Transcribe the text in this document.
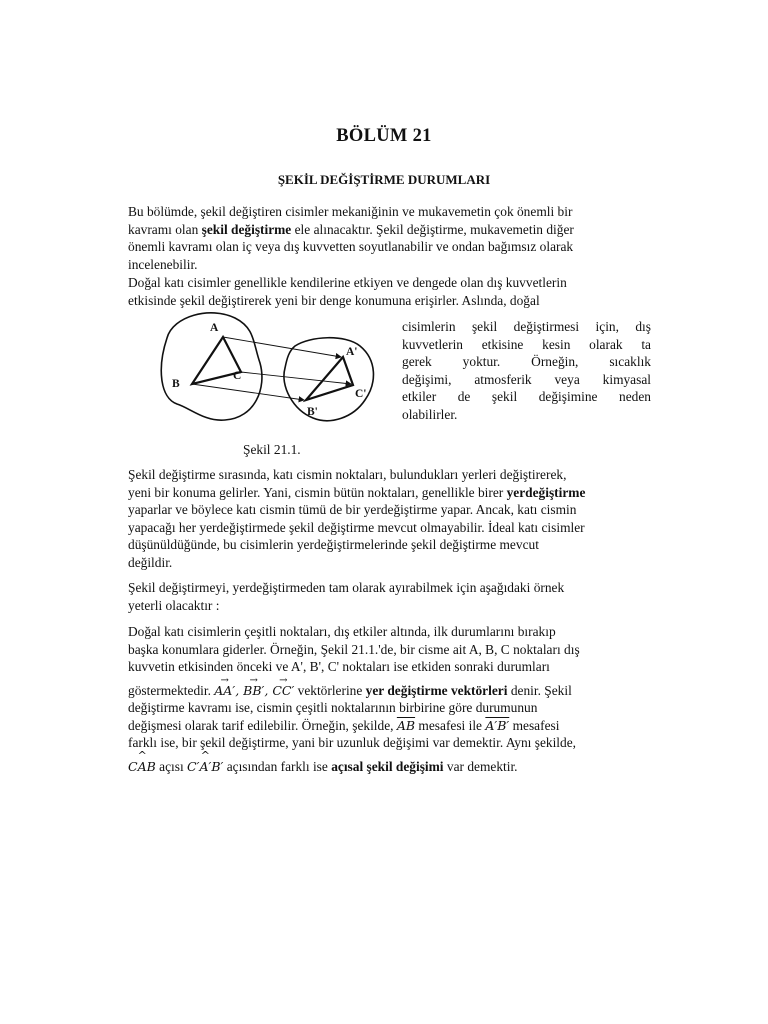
BÖLÜM 21
ŞEKİL DEĞİŞTİRME DURUMLARI

Bu bölümde, şekil değiştiren cisimler mekaniğinin ve mukavemetin çok önemli bir
kavramı olan şekil değiştirme ele alınacaktır. Şekil değiştirme, mukavemetin diğer
önemli kavramı olan iç veya dış kuvvetten soyutlanabilir ve ondan bağımsız olarak
incelenebilir.

Doğal katı cisimler genellikle kendilerine etkiyen ve dengede olan dış kuvvetlerin
etkisinde şekil değiştirerek yeni bir denge konumuna erişirler. Aslında, doğal

A
B
C
A'
B'
C'

cisimlerin şekil değiştirmesi için, dış
kuvvetlerin etkisine kesin olarak ta
gerek yoktur. Örneğin, sıcaklık
değişimi, atmosferik veya kimyasal
etkiler de şekil değişimine neden
olabilirler.

Şekil 21.1.

Şekil değiştirme sırasında, katı cismin noktaları, bulundukları yerleri değiştirerek,
yeni bir konuma gelirler. Yani, cismin bütün noktaları, genellikle birer yerdeğiştirme
yaparlar ve böylece katı cismin tümü de bir yerdeğiştirme yapar. Ancak, katı cismin
yapacağı her yerdeğiştirmede şekil değiştirme mevcut olmayabilir. İdeal katı cisimler
düşünüldüğünde, bu cisimlerin yerdeğiştirmelerinde şekil değiştirme mevcut
değildir.

Şekil değiştirmeyi, yerdeğiştirmeden tam olarak ayırabilmek için aşağıdaki örnek
yeterli olacaktır :

Doğal katı cisimlerin çeşitli noktaları, dış etkiler altında, ilk durumlarını bırakıp
başka konumlara giderler. Örneğin, Şekil 21.1.'de, bir cisme ait A, B, C noktaları dış
kuvvetin etkisinden önceki ve A', B', C' noktaları ise etkiden sonraki durumları
göstermektedir. → AA′, → BB′, → CC′ vektörlerine yer değiştirme vektörleri denir. Şekil
değiştirme kavramı ise, cismin çeşitli noktalarının birbirine göre durumunun
değişmesi olarak tarif edilebilir. Örneğin, şekilde, $\overline{AB}$ mesafesi ile A′B′ mesafesi
farklı ise, bir şekil değiştirme, yani bir uzunluk değişimi var demektir. Aynı şekilde,
C^ AB açısı C′^ A′B′ açısından farklı ise açısal şekil değişimi var demektir.
